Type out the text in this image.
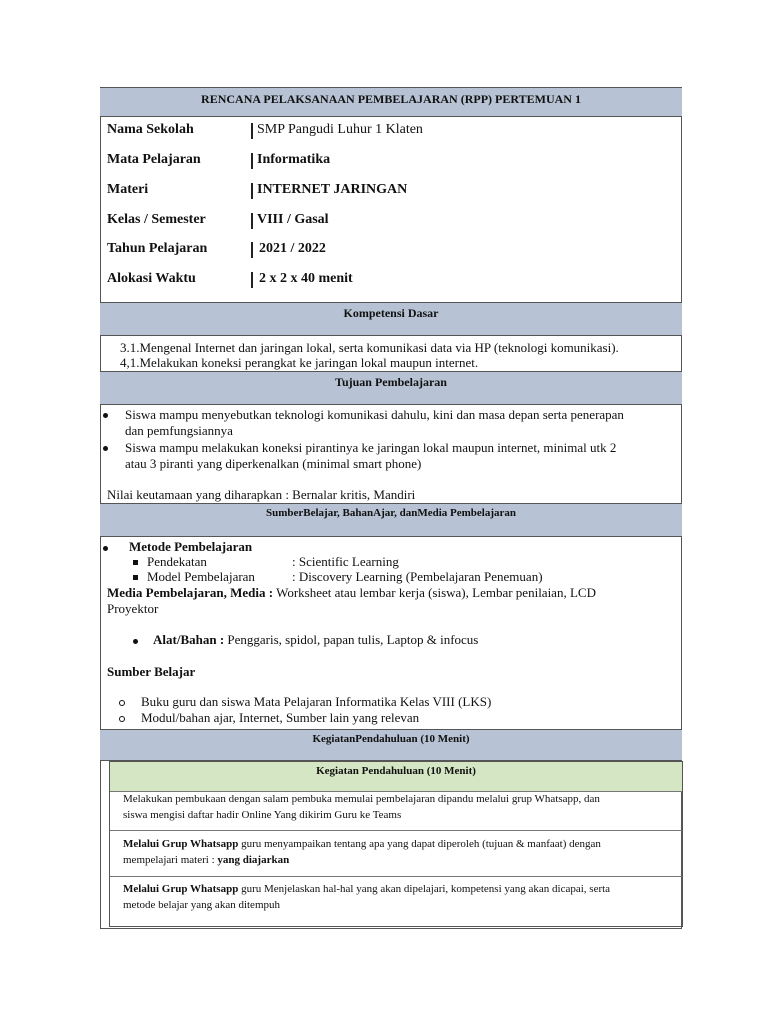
RENCANA PELAKSANAAN PEMBELAJARAN (RPP) PERTEMUAN 1
Nama Sekolah	SMP Pangudi Luhur 1 Klaten
Mata Pelajaran	Informatika
Materi	INTERNET JARINGAN
Kelas / Semester	VIII / Gasal
Tahun Pelajaran	2021 / 2022
Alokasi Waktu	2 x 2 x 40 menit
Kompetensi Dasar
3.1.Mengenal Internet dan jaringan lokal, serta komunikasi data via HP (teknologi komunikasi).
4,1.Melakukan koneksi perangkat ke jaringan lokal maupun internet.
Tujuan Pembelajaran
Siswa mampu menyebutkan teknologi komunikasi dahulu, kini dan masa depan serta penerapan
dan pemfungsiannya
Siswa mampu melakukan koneksi pirantinya ke jaringan lokal maupun internet, minimal utk 2
atau 3 piranti yang diperkenalkan (minimal smart phone)
Nilai keutamaan yang diharapkan : Bernalar kritis, Mandiri
SumberBelajar, BahanAjar, danMedia Pembelajaran
Metode Pembelajaran
Pendekatan	: Scientific Learning
Model Pembelajaran	: Discovery Learning (Pembelajaran Penemuan)
Media Pembelajaran, Media : Worksheet atau lembar kerja (siswa), Lembar penilaian, LCD
Proyektor
Alat/Bahan : Penggaris, spidol, papan tulis, Laptop & infocus
Sumber Belajar
Buku guru dan siswa Mata Pelajaran Informatika Kelas VIII (LKS)
Modul/bahan ajar, Internet, Sumber lain yang relevan
KegiatanPendahuluan (10 Menit)
Kegiatan Pendahuluan (10 Menit)
Melakukan pembukaan dengan salam pembuka memulai pembelajaran dipandu melalui grup Whatsapp, dan
siswa mengisi daftar hadir Online Yang dikirim Guru ke Teams
Melalui Grup Whatsapp guru menyampaikan tentang apa yang dapat diperoleh (tujuan & manfaat) dengan
mempelajari materi : yang diajarkan
Melalui Grup Whatsapp guru Menjelaskan hal-hal yang akan dipelajari, kompetensi yang akan dicapai, serta
metode belajar yang akan ditempuh
